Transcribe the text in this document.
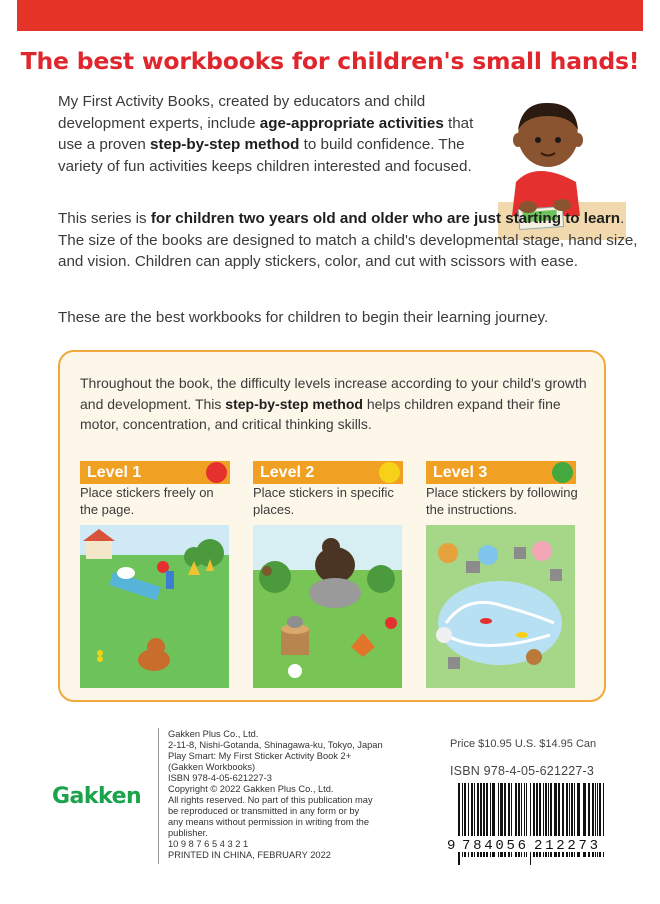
The best workbooks for children's small hands!

My First Activity Books, created by educators and child development experts, include age-appropriate activities that use a proven step-by-step method to build confidence. The variety of fun activities keeps children interested and focused.

This series is for children two years old and older who are just starting to learn. The size of the books are designed to match a child's developmental stage, hand size, and vision. Children can apply stickers, color, and cut with scissors with ease.

These are the best workbooks for children to begin their learning journey.

Throughout the book, the difficulty levels increase according to your child's growth and development. This step-by-step method helps children expand their fine motor, concentration, and critical thinking skills.

Level 1
Place stickers freely on the page.
Level 2
Place stickers in specific places.
Level 3
Place stickers by following the instructions.
Gakken
Gakken Plus Co., Ltd.
2-11-8, Nishi-Gotanda, Shinagawa-ku, Tokyo, Japan
Play Smart: My First Sticker Activity Book 2+
(Gakken Workbooks)
ISBN 978-4-05-621227-3
Copyright © 2022 Gakken Plus Co., Ltd.
All rights reserved. No part of this publication may
be reproduced or transmitted in any form or by
any means without permission in writing from the
publisher.
10 9 8 7 6 5 4 3 2 1
PRINTED IN CHINA, FEBRUARY 2022
Price $10.95 U.S. $14.95 Can
ISBN 978-4-05-621227-3
9 784056 212273
